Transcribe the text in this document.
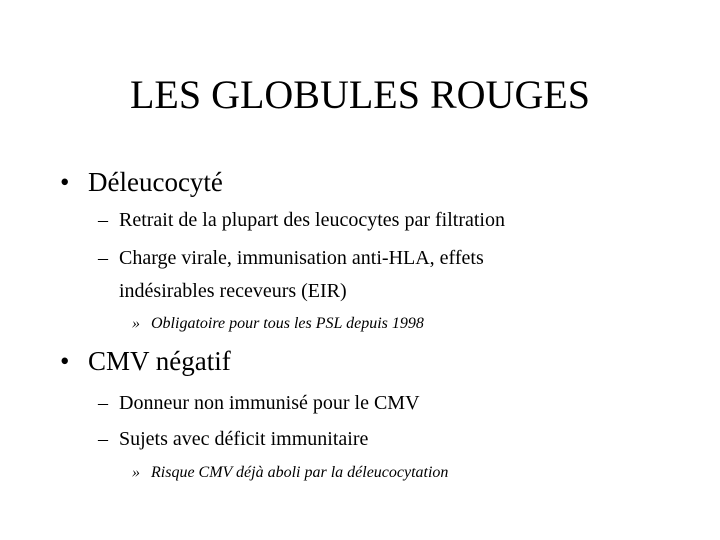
LES GLOBULES ROUGES
• Déleucocyté
– Retrait de la plupart des leucocytes par filtration
– Charge virale, immunisation anti-HLA, effets
indésirables receveurs (EIR)
» Obligatoire pour tous les PSL depuis 1998
• CMV négatif
– Donneur non immunisé pour le CMV
– Sujets avec déficit immunitaire
» Risque CMV déjà aboli par la déleucocytation
